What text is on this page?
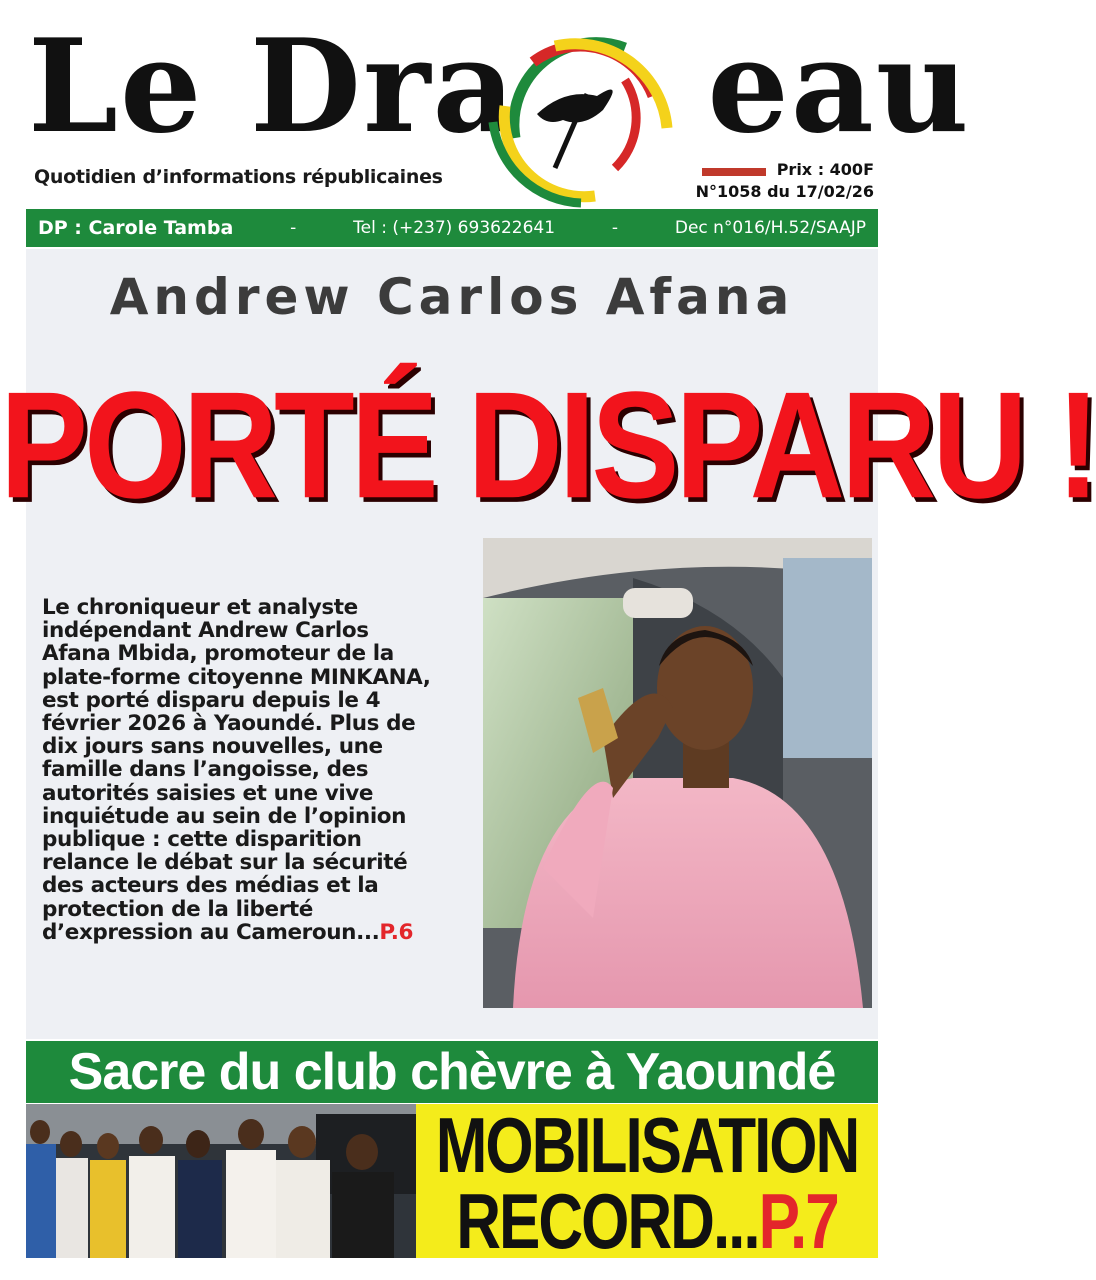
Le Dra eau
Quotidien d’informations républicaines	Prix : 400F
N°1058 du 17/02/26
DP : Carole Tamba	-	Tel : (+237) 693622641	-	Dec n°016/H.52/SAAJP
Andrew Carlos Afana
PORTÉ DISPARU !
Le chroniqueur et analyste indépendant Andrew Carlos Afana Mbida, promoteur de la plate-forme citoyenne MINKANA, est porté disparu depuis le 4 février 2026 à Yaoundé. Plus de dix jours sans nouvelles, une famille dans l’angoisse, des autorités saisies et une vive inquiétude au sein de l’opinion publique : cette disparition relance le débat sur la sécurité des acteurs des médias et la protection de la liberté d’expression au Cameroun...P.6
Sacre du club chèvre à Yaoundé
MOBILISATION
RECORD...P.7
